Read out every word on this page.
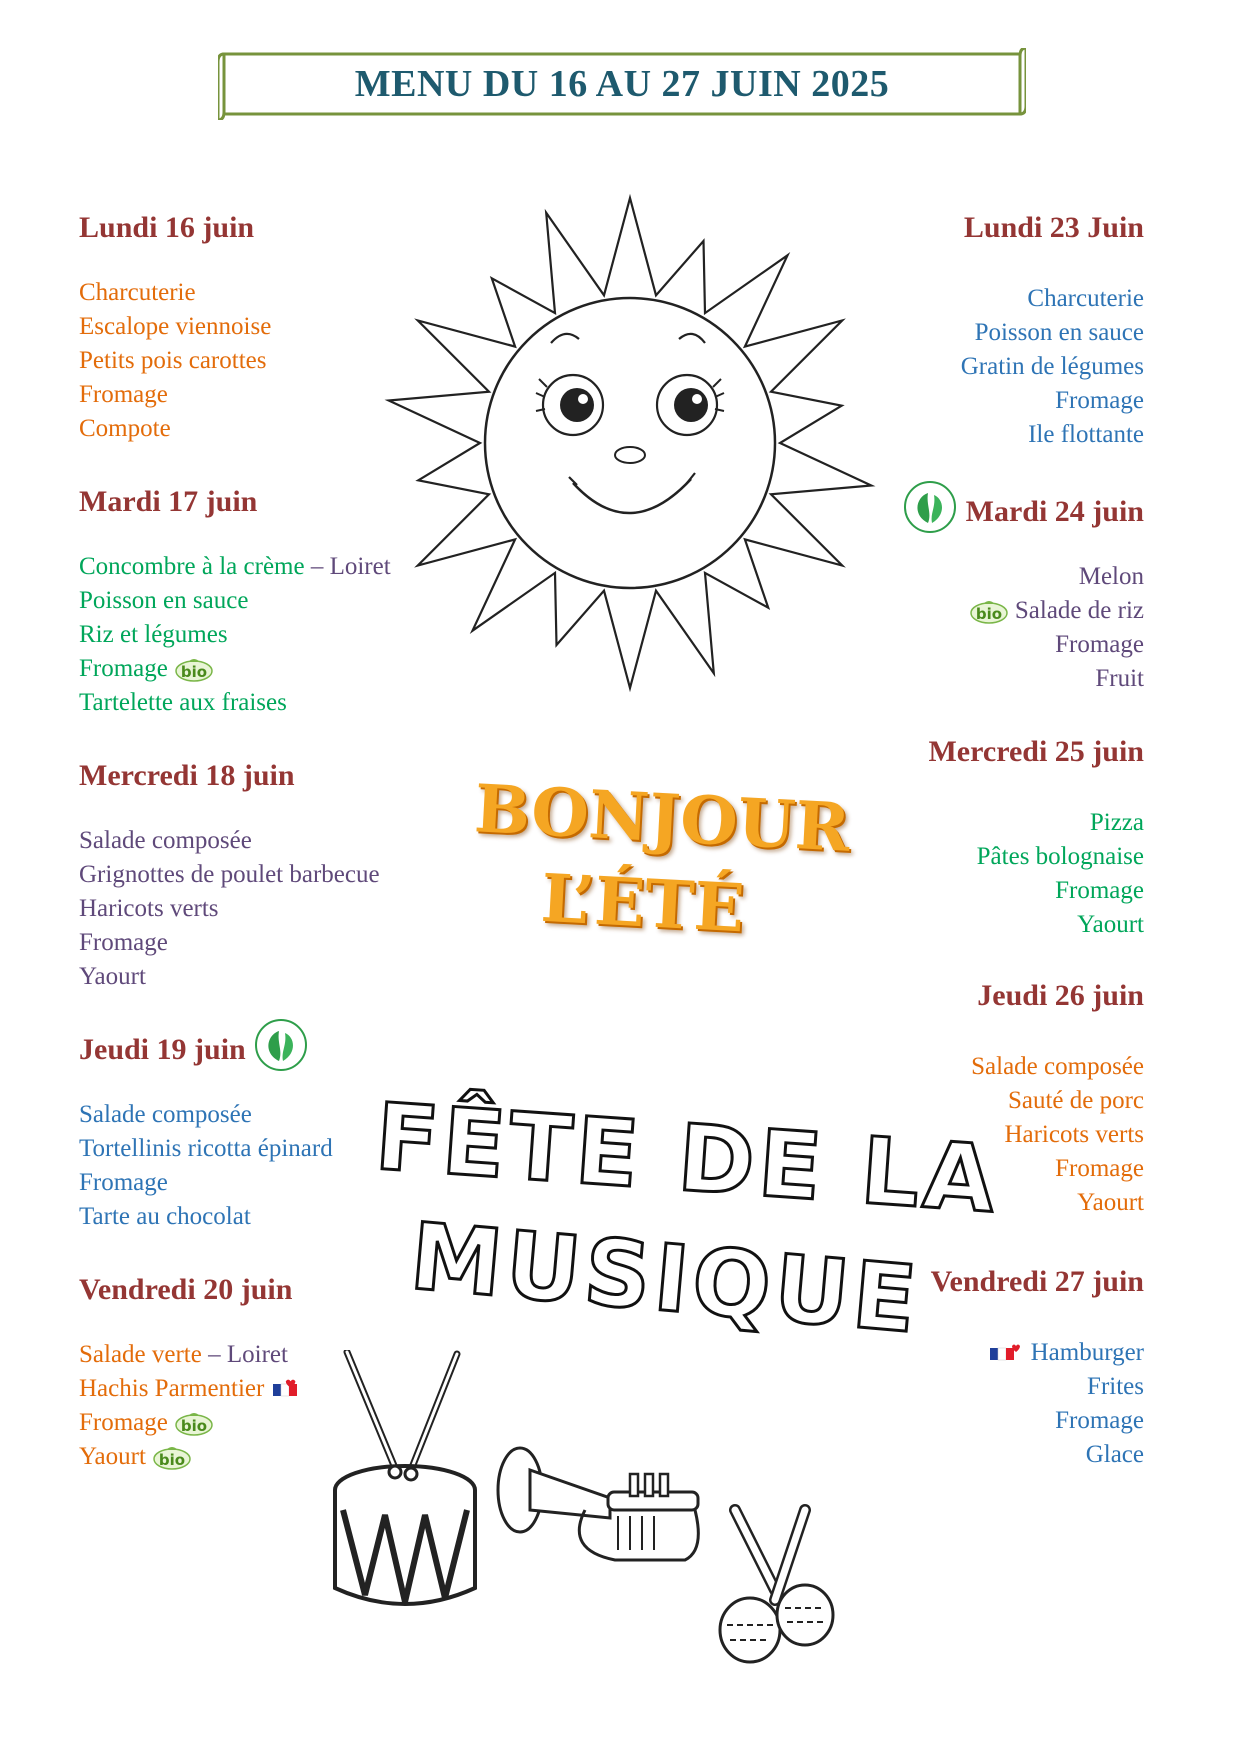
MENU DU 16 AU 27 JUIN 2025
Lundi 16 juin
Charcuterie
Escalope viennoise
Petits pois carottes
Fromage
Compote
Mardi 17 juin
Concombre à la crème – Loiret
Poisson en sauce
Riz et légumes
Fromage bio
Tartelette aux fraises
Mercredi 18 juin
Salade composée
Grignottes de poulet barbecue
Haricots verts
Fromage
Yaourt
Jeudi 19 juin
Salade composée
Tortellinis ricotta épinard
Fromage
Tarte au chocolat
Vendredi 20 juin
Salade verte – Loiret
Hachis Parmentier
Fromage bio
Yaourt bio
Lundi 23 Juin
Charcuterie
Poisson en sauce
Gratin de légumes
Fromage
Ile flottante
Mardi 24 juin
Melon
bio Salade de riz
Fromage
Fruit
Mercredi 25 juin
Pizza
Pâtes bolognaise
Fromage
Yaourt
Jeudi 26 juin
Salade composée
Sauté de porc
Haricots verts
Fromage
Yaourt
Vendredi 27 juin
Hamburger
Frites
Fromage
Glace
BONJOUR
L’ÉTÉ
FÊTE DE LA
MUSIQUE
